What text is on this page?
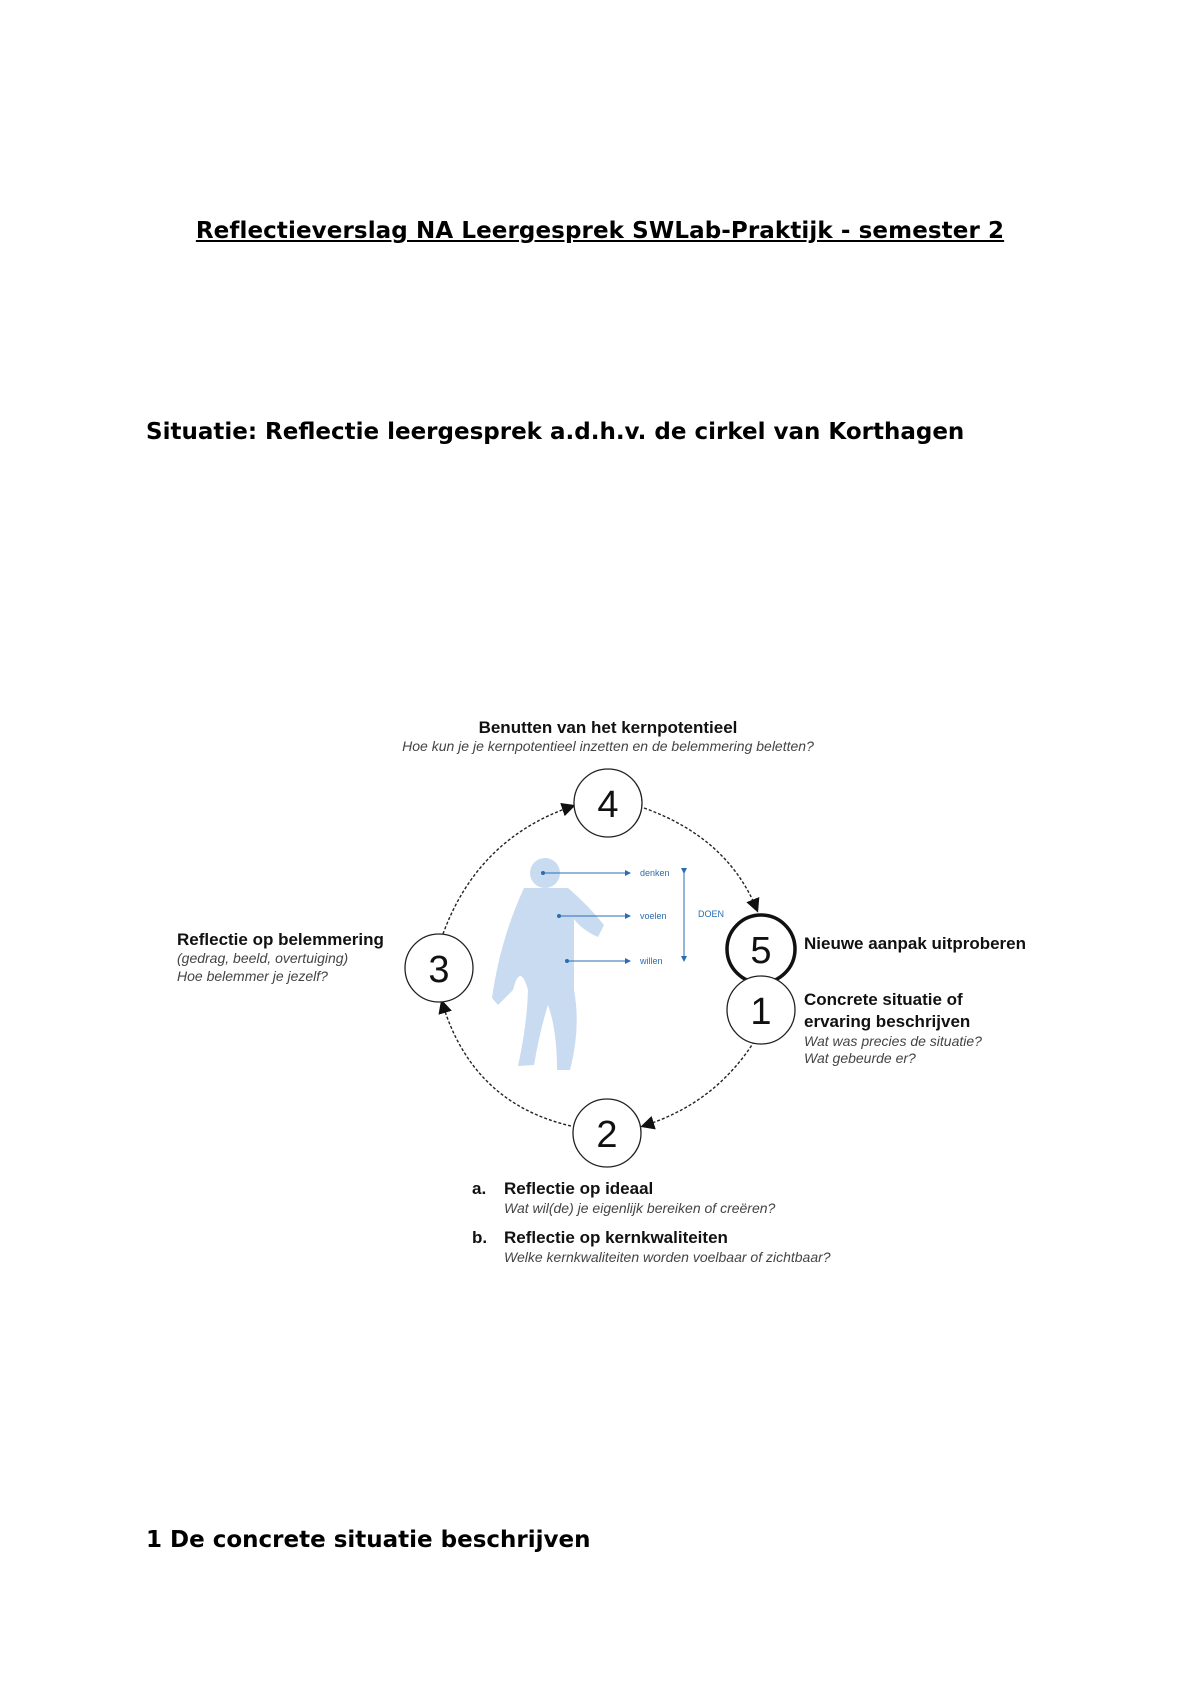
Reflectieverslag NA Leergesprek SWLab-Praktijk - semester 2
Situatie: Reflectie leergesprek a.d.h.v. de cirkel van Korthagen
denken
voelen
willen
DOEN
4
5
1
3
2
Benutten van het kernpotentieel
Hoe kun je je kernpotentieel inzetten en de belemmering beletten?
Nieuwe aanpak uitproberen
Concrete situatie of
ervaring beschrijven
Wat was precies de situatie?
Wat gebeurde er?
Reflectie op belemmering
(gedrag, beeld, overtuiging)
Hoe belemmer je jezelf?
a. Reflectie op ideaal
Wat wil(de) je eigenlijk bereiken of creëren?
b. Reflectie op kernkwaliteiten
Welke kernkwaliteiten worden voelbaar of zichtbaar?
1 De concrete situatie beschrijven
